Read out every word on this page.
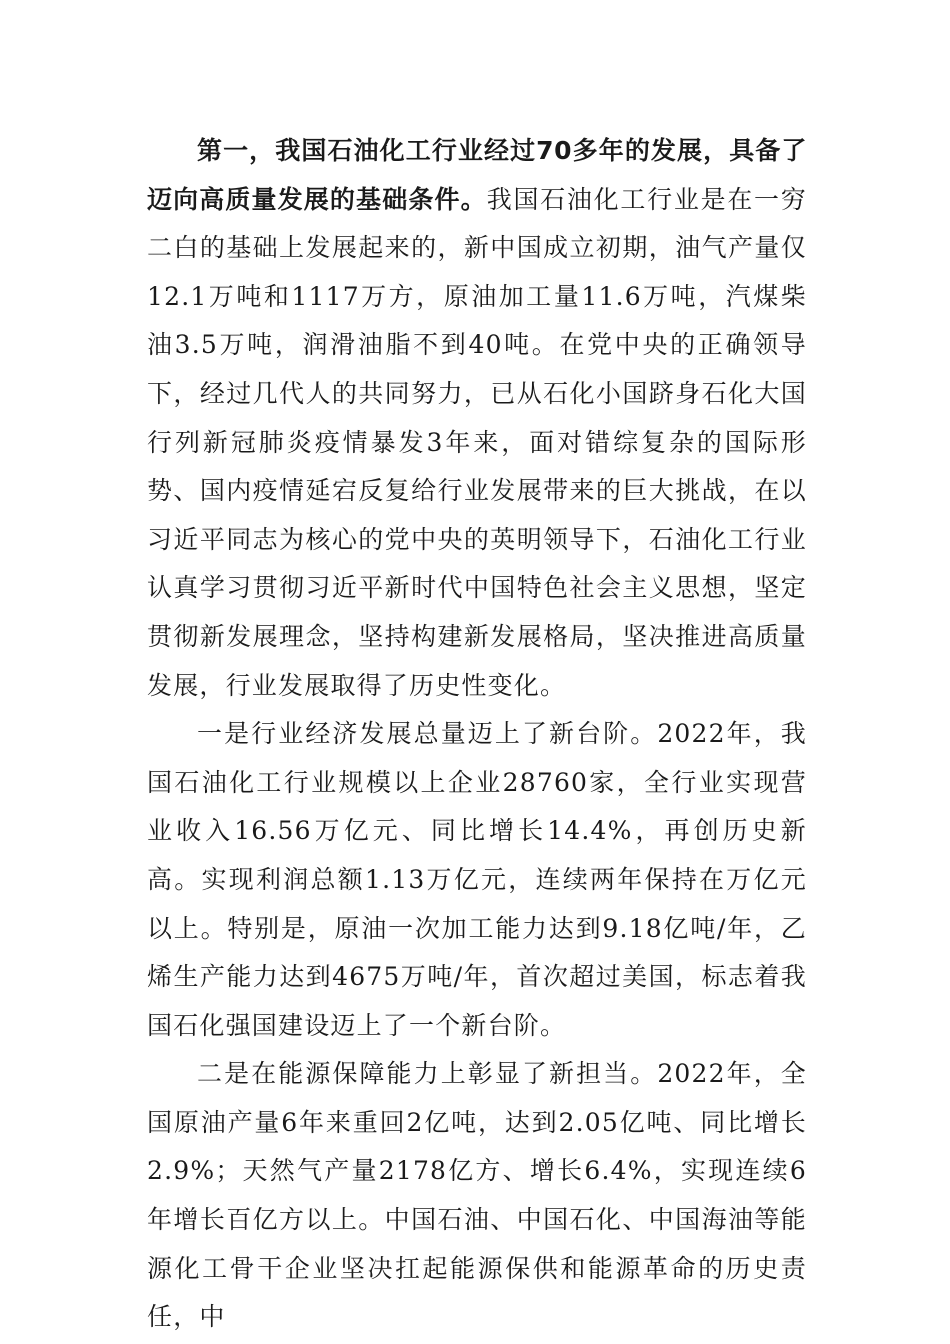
第一，我国石油化工行业经过70多年的发展，具备了迈向高质量发展的基础条件。我国石油化工行业是在一穷二白的基础上发展起来的，新中国成立初期，油气产量仅12.1万吨和1117万方，原油加工量11.6万吨，汽煤柴油3.5万吨，润滑油脂不到40吨。在党中央的正确领导下，经过几代人的共同努力，已从石化小国跻身石化大国行列新冠肺炎疫情暴发3年来，面对错综复杂的国际形势、国内疫情延宕反复给行业发展带来的巨大挑战，在以习近平同志为核心的党中央的英明领导下，石油化工行业认真学习贯彻习近平新时代中国特色社会主义思想，坚定贯彻新发展理念，坚持构建新发展格局，坚决推进高质量发展，行业发展取得了历史性变化。

一是行业经济发展总量迈上了新台阶。2022年，我国石油化工行业规模以上企业28760家，全行业实现营业收入16.56万亿元、同比增长14.4%，再创历史新高。实现利润总额1.13万亿元，连续两年保持在万亿元以上。特别是，原油一次加工能力达到9.18亿吨/年，乙烯生产能力达到4675万吨/年，首次超过美国，标志着我国石化强国建设迈上了一个新台阶。

二是在能源保障能力上彰显了新担当。2022年，全国原油产量6年来重回2亿吨，达到2.05亿吨、同比增长2.9%；天然气产量2178亿方、增长6.4%，实现连续6年增长百亿方以上。中国石油、中国石化、中国海油等能源化工骨干企业坚决扛起能源保供和能源革命的历史责任，中
